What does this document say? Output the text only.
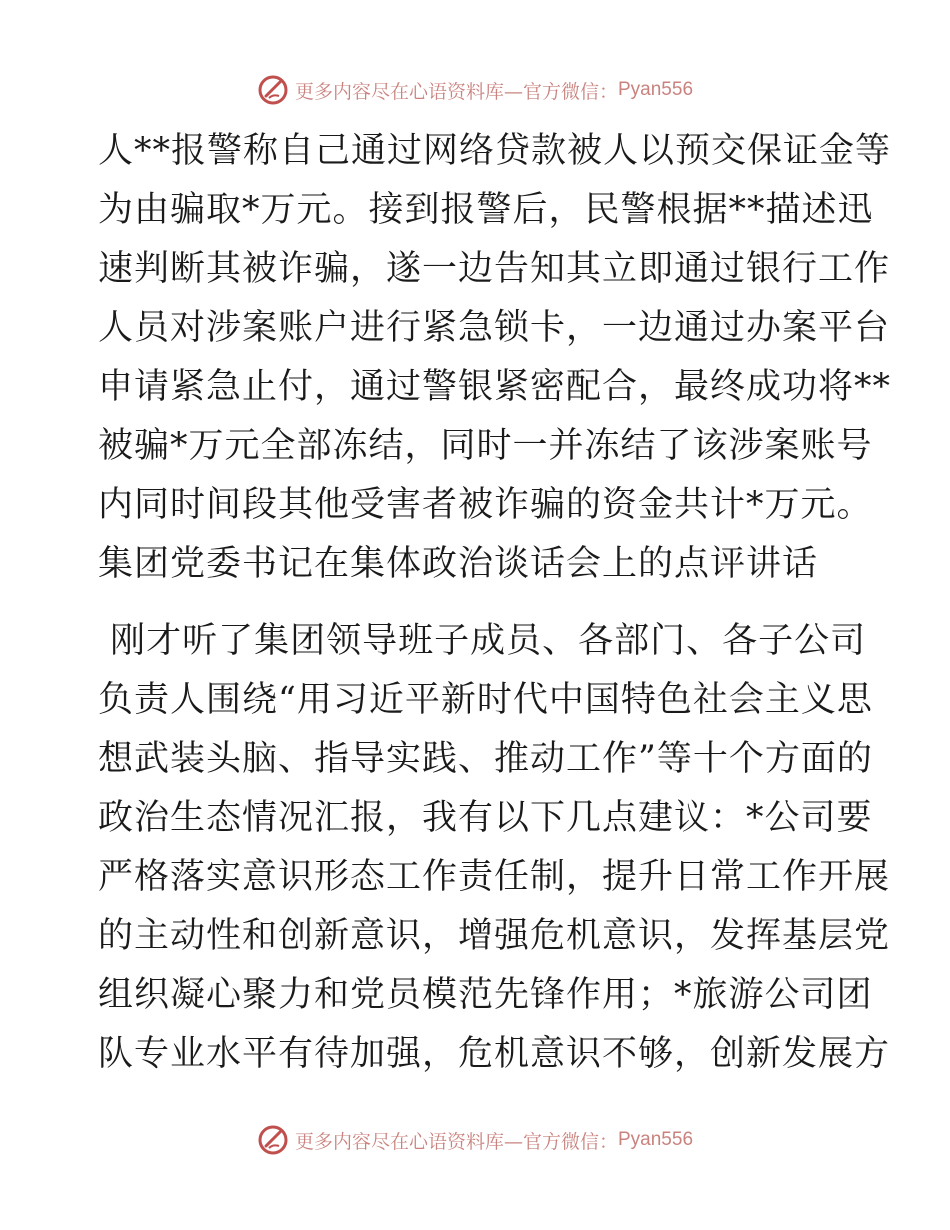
更多内容尽在心语资料库—官方微信： Pyan556
人**报警称自己通过网络贷款被人以预交保证金等
为由骗取*万元。接到报警后，民警根据**描述迅
速判断其被诈骗，遂一边告知其立即通过银行工作
人员对涉案账户进行紧急锁卡，一边通过办案平台
申请紧急止付，通过警银紧密配合，最终成功将**
被骗*万元全部冻结，同时一并冻结了该涉案账号
内同时间段其他受害者被诈骗的资金共计*万元。
集团党委书记在集体政治谈话会上的点评讲话
刚才听了集团领导班子成员、各部门、各子公司
负责人围绕“用习近平新时代中国特色社会主义思
想武装头脑、指导实践、推动工作”等十个方面的
政治生态情况汇报，我有以下几点建议：*公司要
严格落实意识形态工作责任制，提升日常工作开展
的主动性和创新意识，增强危机意识，发挥基层党
组织凝心聚力和党员模范先锋作用；*旅游公司团
队专业水平有待加强，危机意识不够，创新发展方
更多内容尽在心语资料库—官方微信： Pyan556
